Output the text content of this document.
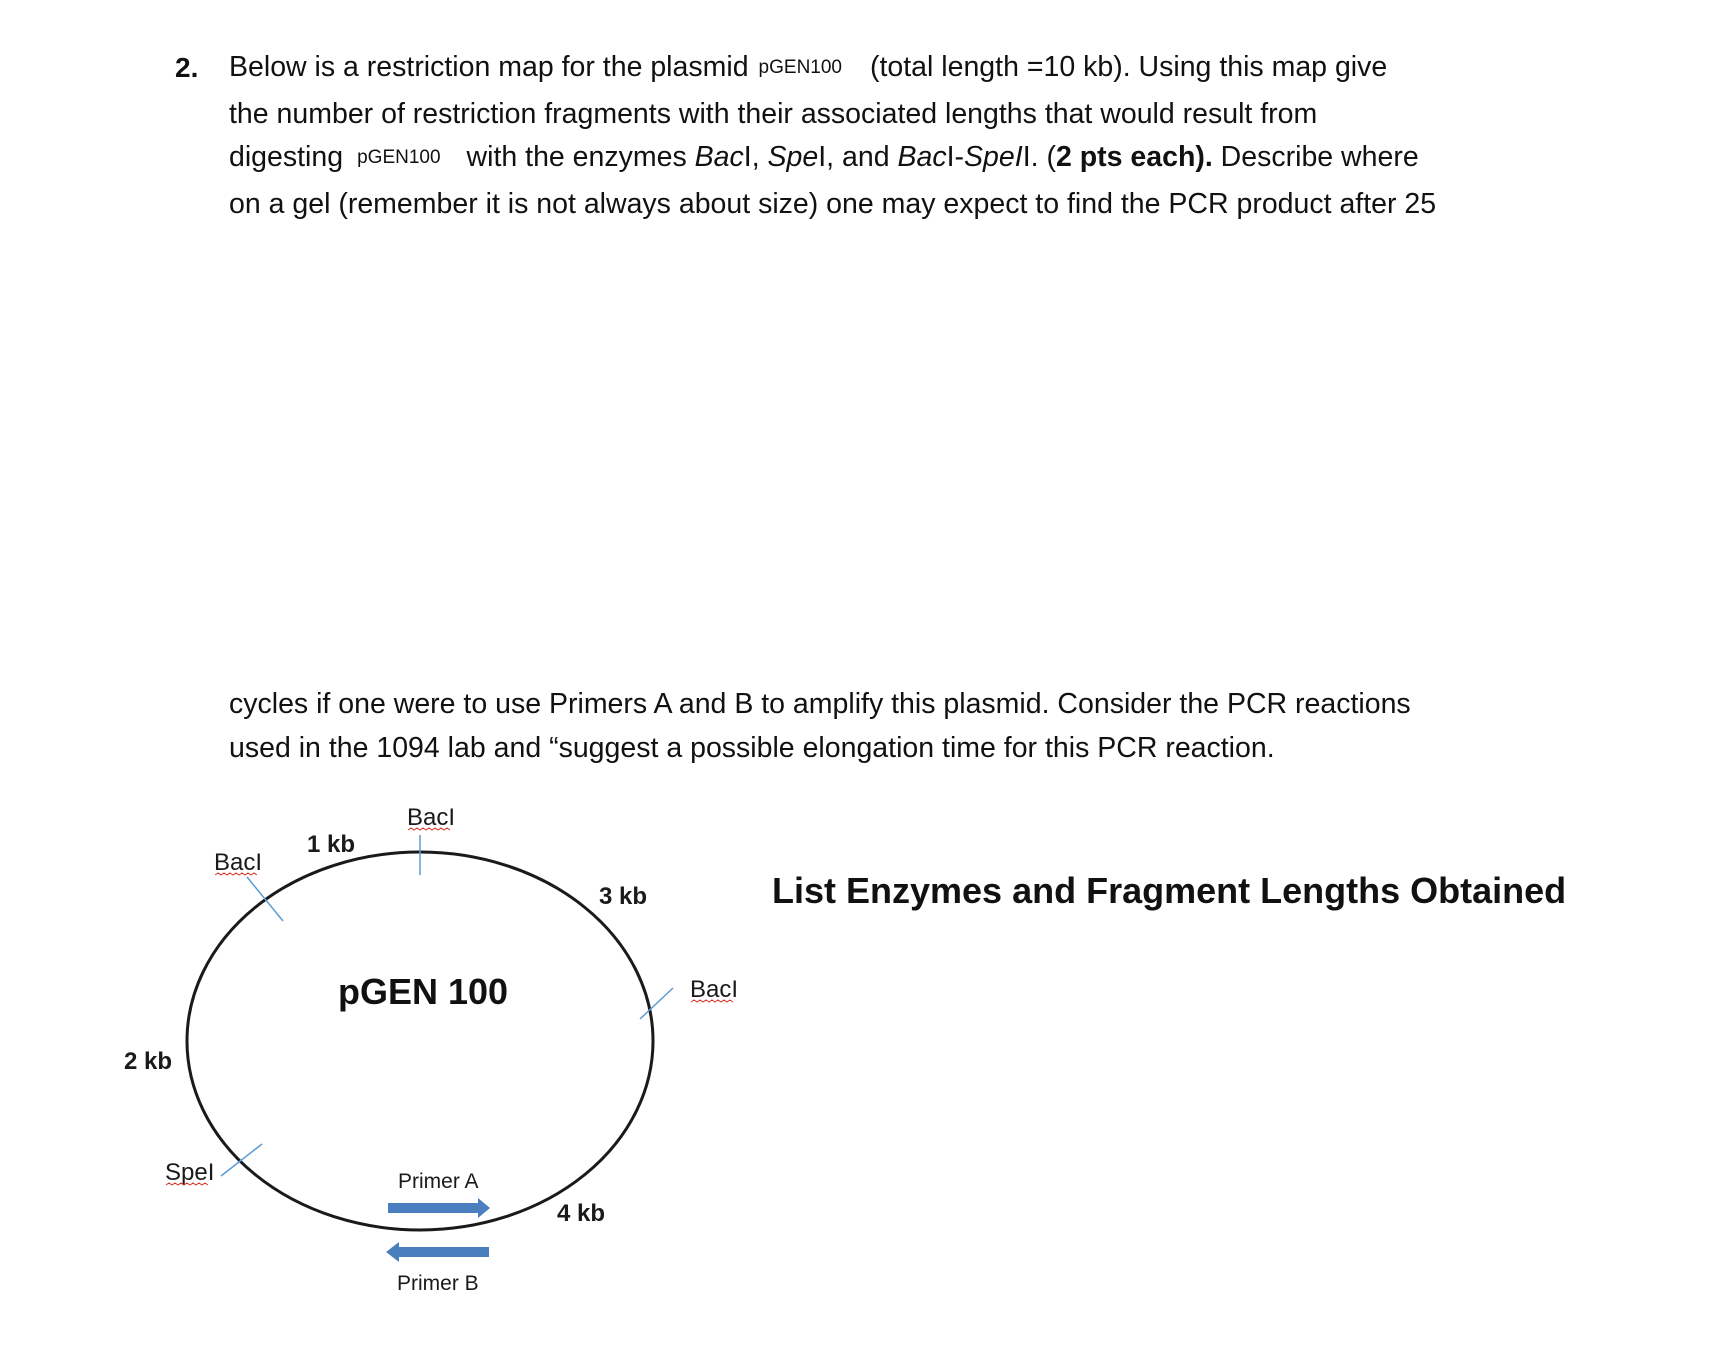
2. Below is a restriction map for the plasmid pGEN100 (total length =10 kb). Using this map give
the number of restriction fragments with their associated lengths that would result from
digesting pGEN100 with the enzymes BacI, SpeI, and BacI-SpeII. (2 pts each). Describe where
on a gel (remember it is not always about size) one may expect to find the PCR product after 25
cycles if one were to use Primers A and B to amplify this plasmid. Consider the PCR reactions
used in the 1094 lab and “suggest a possible elongation time for this PCR reaction.
BacI
BacI
BacI
SpeI
1 kb
2 kb
3 kb
4 kb
pGEN 100
Primer A
Primer B
List Enzymes and Fragment Lengths Obtained
